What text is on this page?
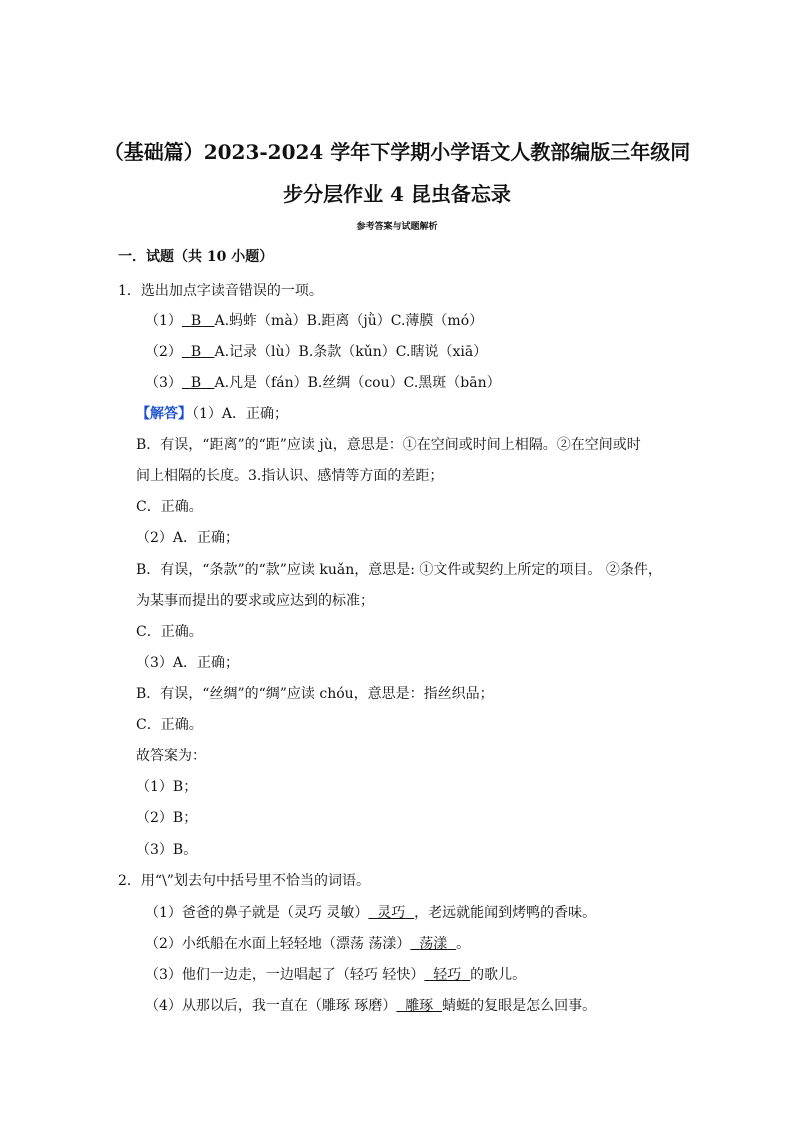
（基础篇）2023-2024 学年下学期小学语文人教部编版三年级同
步分层作业 4 昆虫备忘录
参考答案与试题解析
一．试题（共 10 小题）
1．选出加点字读音错误的一项。
（1） B A.蚂蚱（mà）B.距离（jǜ）C.薄膜（mó）
（2） B A.记录（lù）B.条款（kǔn）C.瞎说（xiā）
（3） B A.凡是（fán）B.丝绸（cou）C.黑斑（bān）
【解答】（1）A．正确；
B．有误，“距离”的“距”应读 jù，意思是：①在空间或时间上相隔。②在空间或时
间上相隔的长度。3.指认识、感情等方面的差距；
C．正确。
（2）A．正确；
B．有误，“条款”的“款”应读 kuǎn，意思是: ①文件或契约上所定的项目。 ②条件，
为某事而提出的要求或应达到的标准；
C．正确。
（3）A．正确；
B．有误，“丝绸”的“绸”应读 chóu，意思是：指丝织品；
C．正确。
故答案为：
（1）B；
（2）B；
（3）B。
2．用“\”划去句中括号里不恰当的词语。
（1）爸爸的鼻子就是（灵巧 灵敏） 灵巧 ，老远就能闻到烤鸭的香味。
（2）小纸船在水面上轻轻地（漂荡 荡漾） 荡漾 。
（3）他们一边走，一边唱起了（轻巧 轻快） 轻巧 的歌儿。
（4）从那以后，我一直在（雕琢 琢磨） 雕琢 蜻蜓的复眼是怎么回事。
